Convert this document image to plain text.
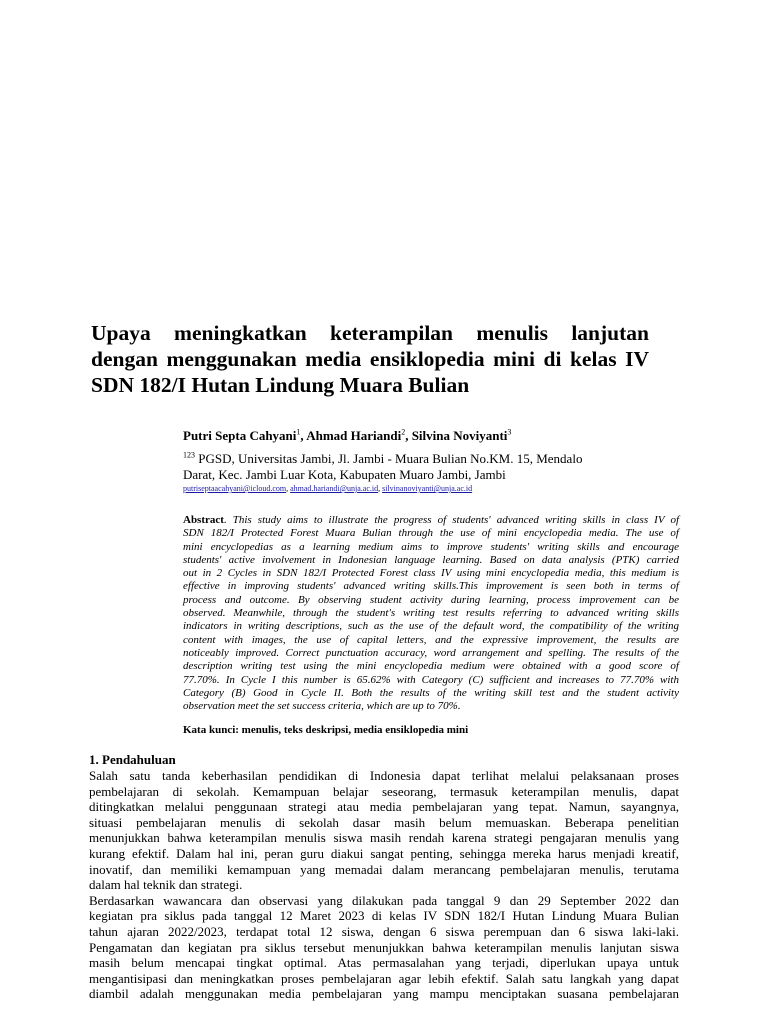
Upaya meningkatkan keterampilan menulis lanjutan
dengan menggunakan media ensiklopedia mini di kelas IV
SDN 182/I Hutan Lindung Muara Bulian
Putri Septa Cahyani$^1$, Ahmad Hariandi$^2$, Silvina Noviyanti$^3$
$^{123}$ PGSD, Universitas Jambi, Jl. Jambi - Muara Bulian No.KM. 15, Mendalo
Darat, Kec. Jambi Luar Kota, Kabupaten Muaro Jambi, Jambi
putriseptaacahyani@icloud.com, ahmad.hariandi@unja.ac.id, silvinanoviyanti@unja.ac.id
Abstract. This study aims to illustrate the progress of students' advanced writing skills in class IV of
SDN 182/I Protected Forest Muara Bulian through the use of mini encyclopedia media. The use of
mini encyclopedias as a learning medium aims to improve students' writing skills and encourage
students' active involvement in Indonesian language learning. Based on data analysis (PTK) carried
out in 2 Cycles in SDN 182/I Protected Forest class IV using mini encyclopedia media, this medium is
effective in improving students' advanced writing skills.This improvement is seen both in terms of
process and outcome. By observing student activity during learning, process improvement can be
observed. Meanwhile, through the student's writing test results referring to advanced writing skills
indicators in writing descriptions, such as the use of the default word, the compatibility of the writing
content with images, the use of capital letters, and the expressive improvement, the results are
noticeably improved. Correct punctuation accuracy, word arrangement and spelling. The results of the
description writing test using the mini encyclopedia medium were obtained with a good score of
77.70%. In Cycle I this number is 65.62% with Category (C) sufficient and increases to 77.70% with
Category (B) Good in Cycle II. Both the results of the writing skill test and the student activity
observation meet the set success criteria, which are up to 70%.
Kata kunci: menulis, teks deskripsi, media ensiklopedia mini
1. Pendahuluan
Salah satu tanda keberhasilan pendidikan di Indonesia dapat terlihat melalui pelaksanaan proses
pembelajaran di sekolah. Kemampuan belajar seseorang, termasuk keterampilan menulis, dapat
ditingkatkan melalui penggunaan strategi atau media pembelajaran yang tepat. Namun, sayangnya,
situasi pembelajaran menulis di sekolah dasar masih belum memuaskan. Beberapa penelitian
menunjukkan bahwa keterampilan menulis siswa masih rendah karena strategi pengajaran menulis yang
kurang efektif. Dalam hal ini, peran guru diakui sangat penting, sehingga mereka harus menjadi kreatif,
inovatif, dan memiliki kemampuan yang memadai dalam merancang pembelajaran menulis, terutama
dalam hal teknik dan strategi.
Berdasarkan wawancara dan observasi yang dilakukan pada tanggal 9 dan 29 September 2022 dan
kegiatan pra siklus pada tanggal 12 Maret 2023 di kelas IV SDN 182/I Hutan Lindung Muara Bulian
tahun ajaran 2022/2023, terdapat total 12 siswa, dengan 6 siswa perempuan dan 6 siswa laki-laki.
Pengamatan dan kegiatan pra siklus tersebut menunjukkan bahwa keterampilan menulis lanjutan siswa
masih belum mencapai tingkat optimal. Atas permasalahan yang terjadi, diperlukan upaya untuk
mengantisipasi dan meningkatkan proses pembelajaran agar lebih efektif. Salah satu langkah yang dapat
diambil adalah menggunakan media pembelajaran yang mampu menciptakan suasana pembelajaran
